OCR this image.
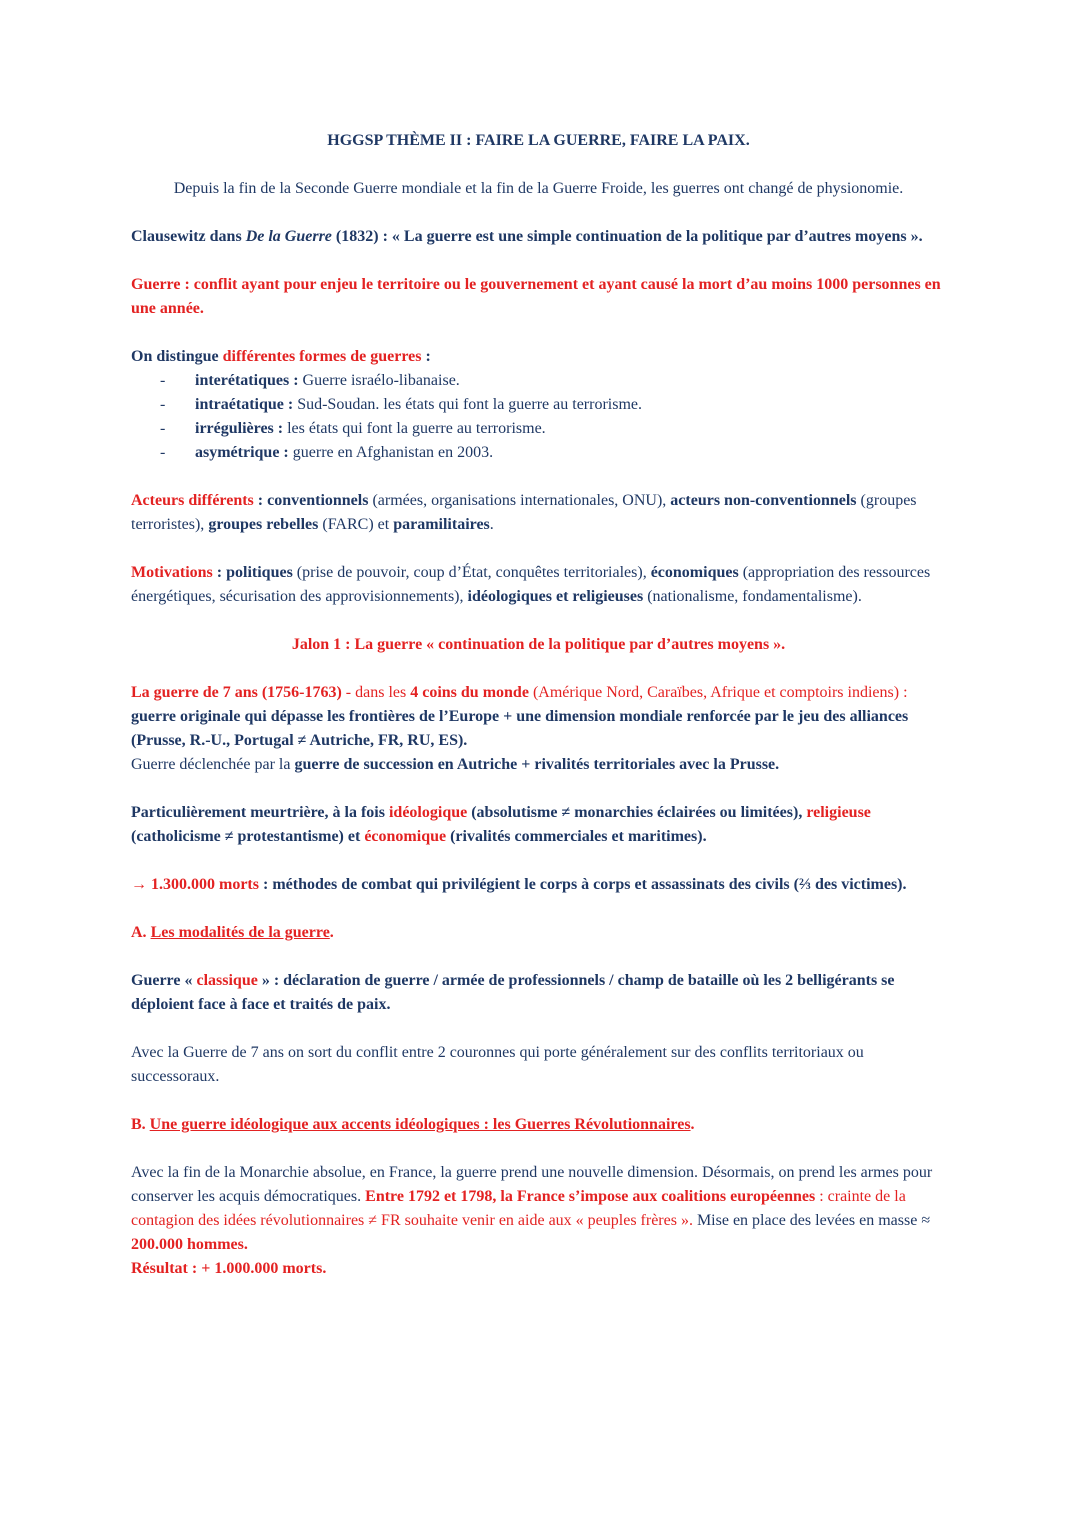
HGGSP THÈME II : FAIRE LA GUERRE, FAIRE LA PAIX.

Depuis la fin de la Seconde Guerre mondiale et la fin de la Guerre Froide, les guerres ont changé de physionomie.

Clausewitz dans De la Guerre (1832) : « La guerre est une simple continuation de la politique par d’autres moyens ».

Guerre : conflit ayant pour enjeu le territoire ou le gouvernement et ayant causé la mort d’au moins 1000 personnes en une année.

On distingue différentes formes de guerres :

- interétatiques : Guerre israélo-libanaise.
- intraétatique : Sud-Soudan. les états qui font la guerre au terrorisme.
- irrégulières : les états qui font la guerre au terrorisme.
- asymétrique : guerre en Afghanistan en 2003.

Acteurs différents : conventionnels (armées, organisations internationales, ONU), acteurs non-conventionnels (groupes terroristes), groupes rebelles (FARC) et paramilitaires.

Motivations : politiques (prise de pouvoir, coup d’État, conquêtes territoriales), économiques (appropriation des ressources énergétiques, sécurisation des approvisionnements), idéologiques et religieuses (nationalisme, fondamentalisme).

Jalon 1 : La guerre « continuation de la politique par d’autres moyens ».

La guerre de 7 ans (1756-1763) - dans les 4 coins du monde (Amérique Nord, Caraïbes, Afrique et comptoirs indiens) : guerre originale qui dépasse les frontières de l’Europe + une dimension mondiale renforcée par le jeu des alliances (Prusse, R.-U., Portugal ≠ Autriche, FR, RU, ES).
Guerre déclenchée par la guerre de succession en Autriche + rivalités territoriales avec la Prusse.

Particulièrement meurtrière, à la fois idéologique (absolutisme ≠ monarchies éclairées ou limitées), religieuse (catholicisme ≠ protestantisme) et économique (rivalités commerciales et maritimes).

→ 1.300.000 morts : méthodes de combat qui privilégient le corps à corps et assassinats des civils (⅔ des victimes).

A. Les modalités de la guerre.

Guerre « classique » : déclaration de guerre / armée de professionnels / champ de bataille où les 2 belligérants se déploient face à face et traités de paix.

Avec la Guerre de 7 ans on sort du conflit entre 2 couronnes qui porte généralement sur des conflits territoriaux ou successoraux.

B. Une guerre idéologique aux accents idéologiques : les Guerres Révolutionnaires.

Avec la fin de la Monarchie absolue, en France, la guerre prend une nouvelle dimension. Désormais, on prend les armes pour conserver les acquis démocratiques. Entre 1792 et 1798, la France s’impose aux coalitions européennes : crainte de la contagion des idées révolutionnaires ≠ FR souhaite venir en aide aux « peuples frères ». Mise en place des levées en masse ≈ 200.000 hommes.
Résultat : + 1.000.000 morts.
